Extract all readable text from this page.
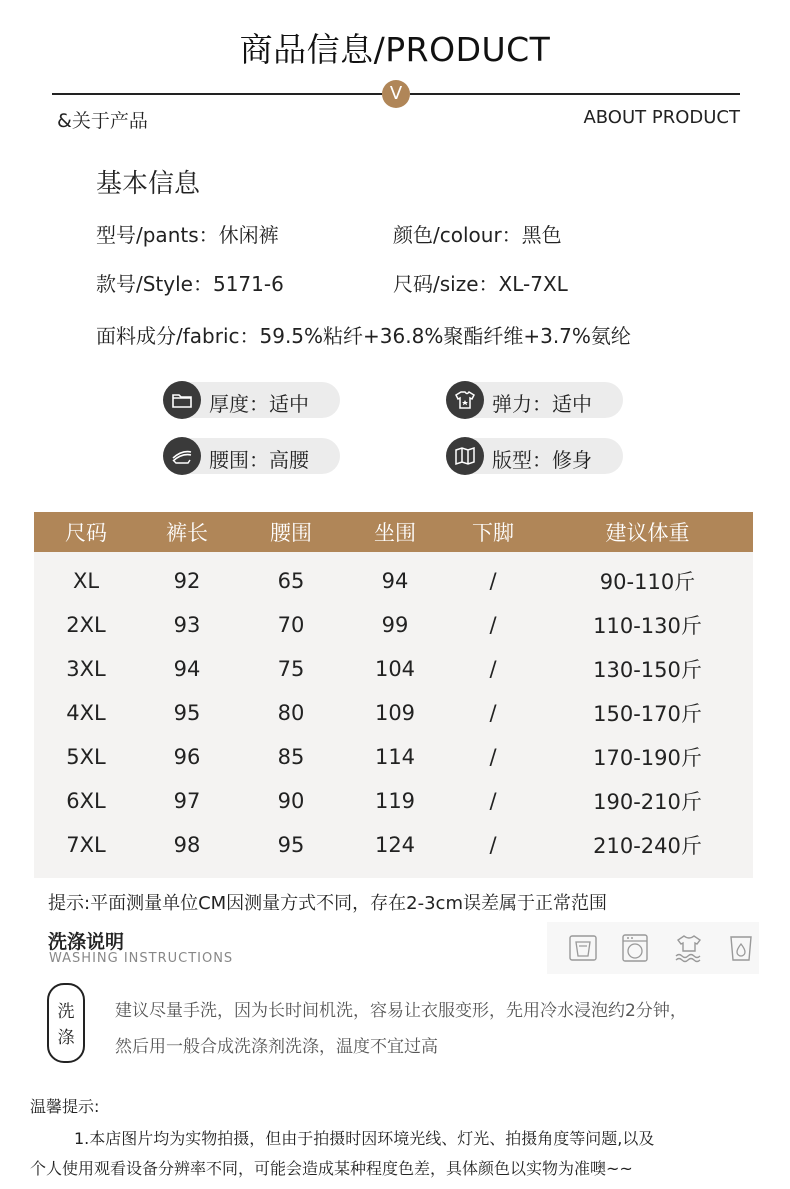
商品信息/PRODUCT
V
&关于产品	ABOUT PRODUCT
基本信息
型号/pants：休闲裤	颜色/colour：黑色
款号/Style：5171-6	尺码/size：XL-7XL
面料成分/fabric：59.5%粘纤+36.8%聚酯纤维+3.7%氨纶
厚度：适中	弹力：适中
腰围：高腰	版型：修身
尺码	裤长	腰围	坐围	下脚	建议体重
XL	92	65	94	/	90-110斤
2XL	93	70	99	/	110-130斤
3XL	94	75	104	/	130-150斤
4XL	95	80	109	/	150-170斤
5XL	96	85	114	/	170-190斤
6XL	97	90	119	/	190-210斤
7XL	98	95	124	/	210-240斤
提示:平面测量单位CM因测量方式不同，存在2-3cm误差属于正常范围
洗涤说明
WASHING INSTRUCTIONS
洗
涤
建议尽量手洗，因为长时间机洗，容易让衣服变形，先用冷水浸泡约2分钟，
然后用一般合成洗涤剂洗涤，温度不宜过高
温馨提示:
1.本店图片均为实物拍摄，但由于拍摄时因环境光线、灯光、拍摄角度等问题,以及
个人使用观看设备分辨率不同，可能会造成某种程度色差，具体颜色以实物为准噢~~
